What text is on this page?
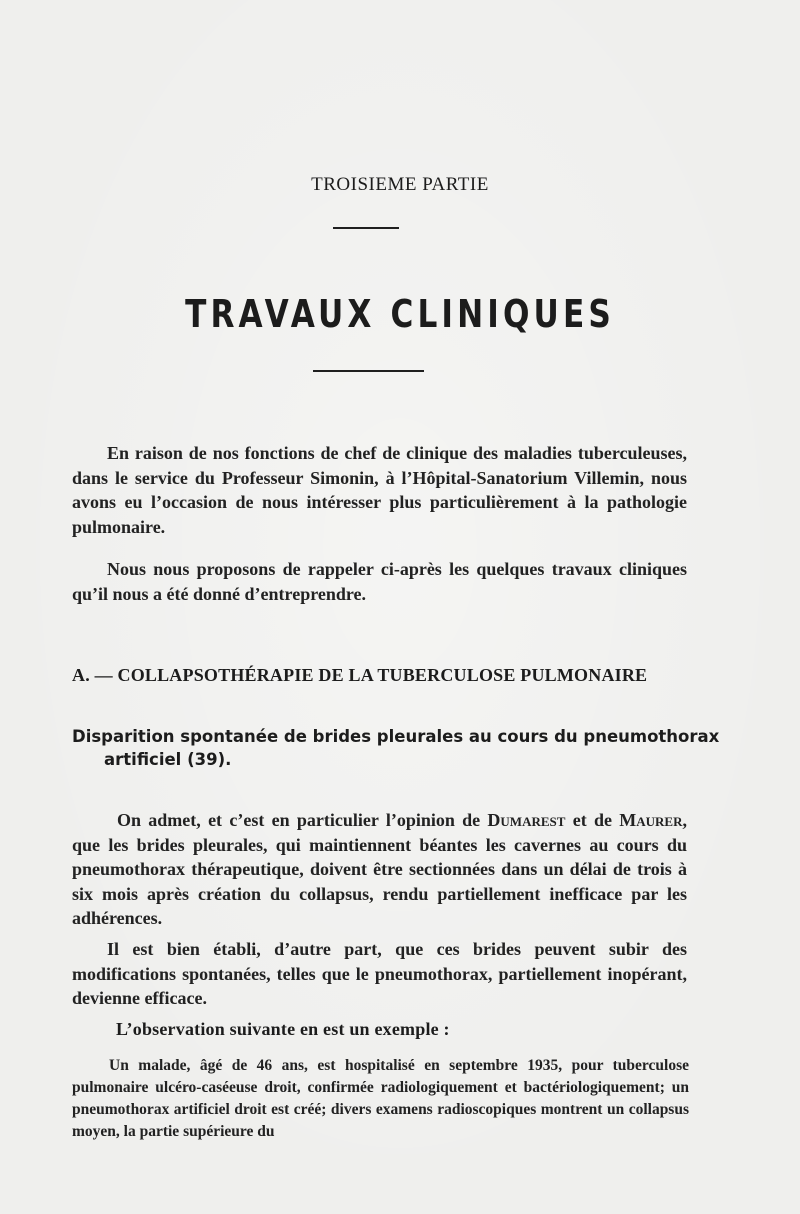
TROISIEME PARTIE
TRAVAUX CLINIQUES
En raison de nos fonctions de chef de clinique des maladies tuberculeuses, dans le service du Professeur Simonin, à l’Hôpital-Sanatorium Villemin, nous avons eu l’occasion de nous intéresser plus particulièrement à la pathologie pulmonaire.
Nous nous proposons de rappeler ci-après les quelques travaux cliniques qu’il nous a été donné d’entreprendre.
A. — COLLAPSOTHÉRAPIE DE LA TUBERCULOSE PULMONAIRE
Disparition spontanée de brides pleurales au cours du pneumothorax artificiel (39).
On admet, et c’est en particulier l’opinion de Dumarest et de Maurer, que les brides pleurales, qui maintiennent béantes les cavernes au cours du pneumothorax thérapeutique, doivent être sectionnées dans un délai de trois à six mois après création du collapsus, rendu partiellement inefficace par les adhérences.
Il est bien établi, d’autre part, que ces brides peuvent subir des modifications spontanées, telles que le pneumothorax, partiellement inopérant, devienne efficace.
L’observation suivante en est un exemple :
Un malade, âgé de 46 ans, est hospitalisé en septembre 1935, pour tuberculose pulmonaire ulcéro-caséeuse droit, confirmée radiologiquement et bactériologiquement; un pneumothorax artificiel droit est créé; divers examens radioscopiques montrent un collapsus moyen, la partie supérieure du
